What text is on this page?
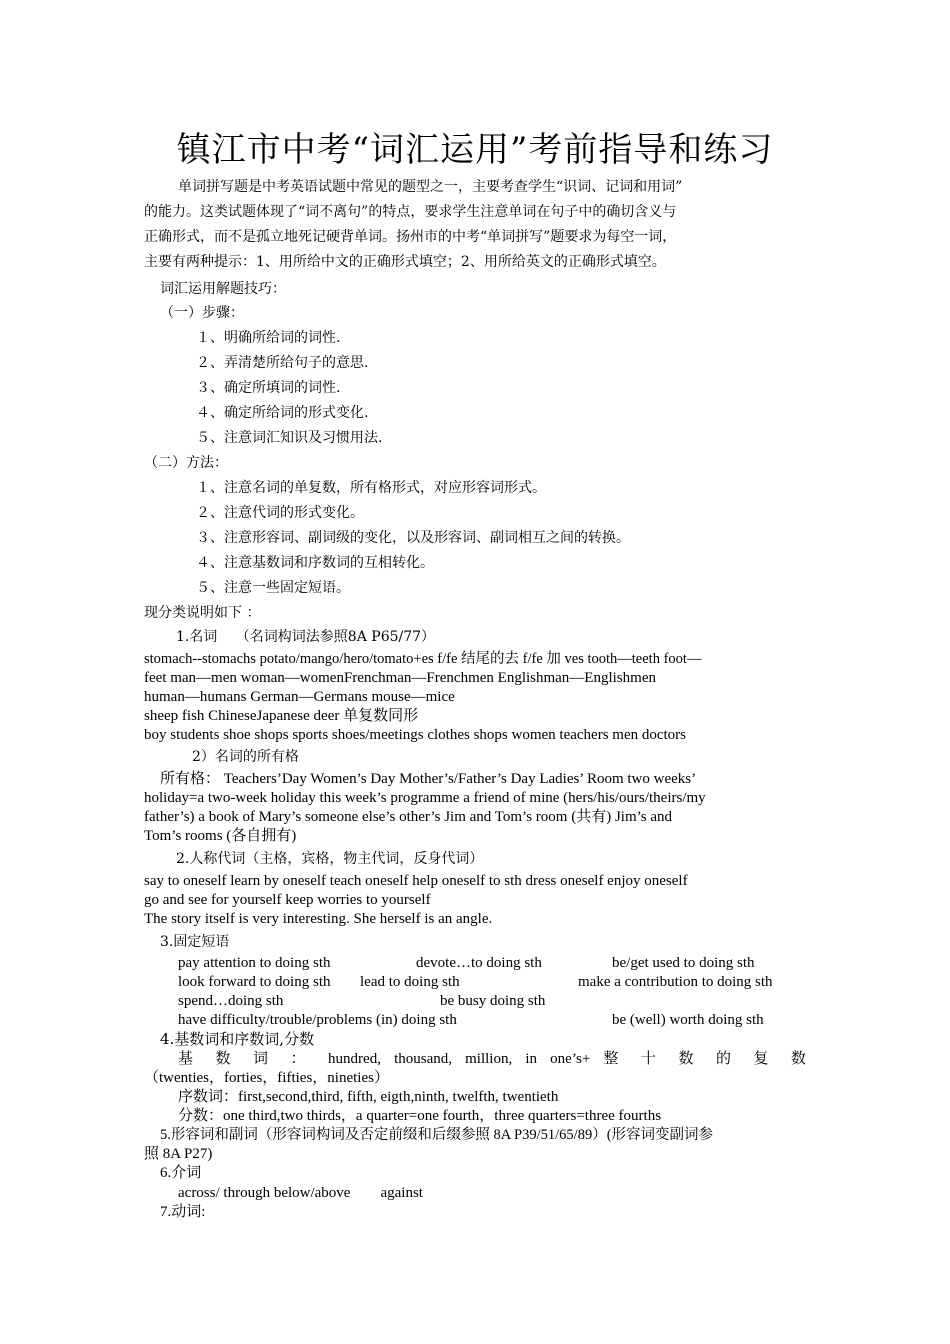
镇江市中考“词汇运用”考前指导和练习
单词拼写题是中考英语试题中常见的题型之一，主要考查学生“识词、记词和用词”
的能力。这类试题体现了“词不离句”的特点，要求学生注意单词在句子中的确切含义与
正确形式，而不是孤立地死记硬背单词。扬州市的中考“单词拼写”题要求为每空一词，
主要有两种提示：1、用所给中文的正确形式填空；2、用所给英文的正确形式填空。
词汇运用解题技巧：
（一）步骤：
１、明确所给词的词性.
２、弄清楚所给句子的意思.
３、确定所填词的词性.
４、确定所给词的形式变化.
５、注意词汇知识及习惯用法.
（二）方法：
１、注意名词的单复数，所有格形式，对应形容词形式。
２、注意代词的形式变化。
３、注意形容词、副词级的变化，以及形容词、副词相互之间的转换。
４、注意基数词和序数词的互相转化。
５、注意一些固定短语。
现分类说明如下 ：
1.名词　 （名词构词法参照8A P65/77）
stomach--stomachs potato/mango/hero/tomato+es f/fe 结尾的去 f/fe 加 ves tooth—teeth foot—
feet man—men woman—womenFrenchman—Frenchmen Englishman—Englishmen
human—humans German—Germans mouse—mice
sheep fish ChineseJapanese deer 单复数同形
boy students shoe shops sports shoes/meetings clothes shops women teachers men doctors
2）名词的所有格
所有格： Teachers’Day Women’s Day Mother’s/Father’s Day Ladies’ Room two weeks’
holiday=a two-week holiday this week’s programme a friend of mine (hers/his/ours/theirs/my
father’s) a book of Mary’s someone else’s other’s Jim and Tom’s room (共有) Jim’s and
Tom’s rooms (各自拥有)
2.人称代词（主格，宾格，物主代词，反身代词）
say to oneself learn by oneself teach oneself help oneself to sth dress oneself enjoy oneself
go and see for yourself keep worries to yourself
The story itself is very interesting. She herself is an angle.
3.固定短语
pay attention to doing sth	devote…to doing sth	be/get used to doing sth
look forward to doing sth lead to doing sth	make a contribution to doing sth
spend…doing sth	be busy doing sth
have difficulty/trouble/problems (in) doing sth	be (well) worth doing sth
4.基数词和序数词,分数
基 数 词 ： hundred, thousand, million, in one’s+ 整 十 数 的 复 数
（twenties，forties，fifties，nineties）
序数词：first,second,third, fifth, eigth,ninth, twelfth, twentieth
分数：one third,two thirds，a quarter=one fourth，three quarters=three fourths
5.形容词和副词（形容词构词及否定前缀和后缀参照 8A P39/51/65/89）(形容词变副词参
照 8A P27)
6.介词
across/ through below/above        against
7.动词:
